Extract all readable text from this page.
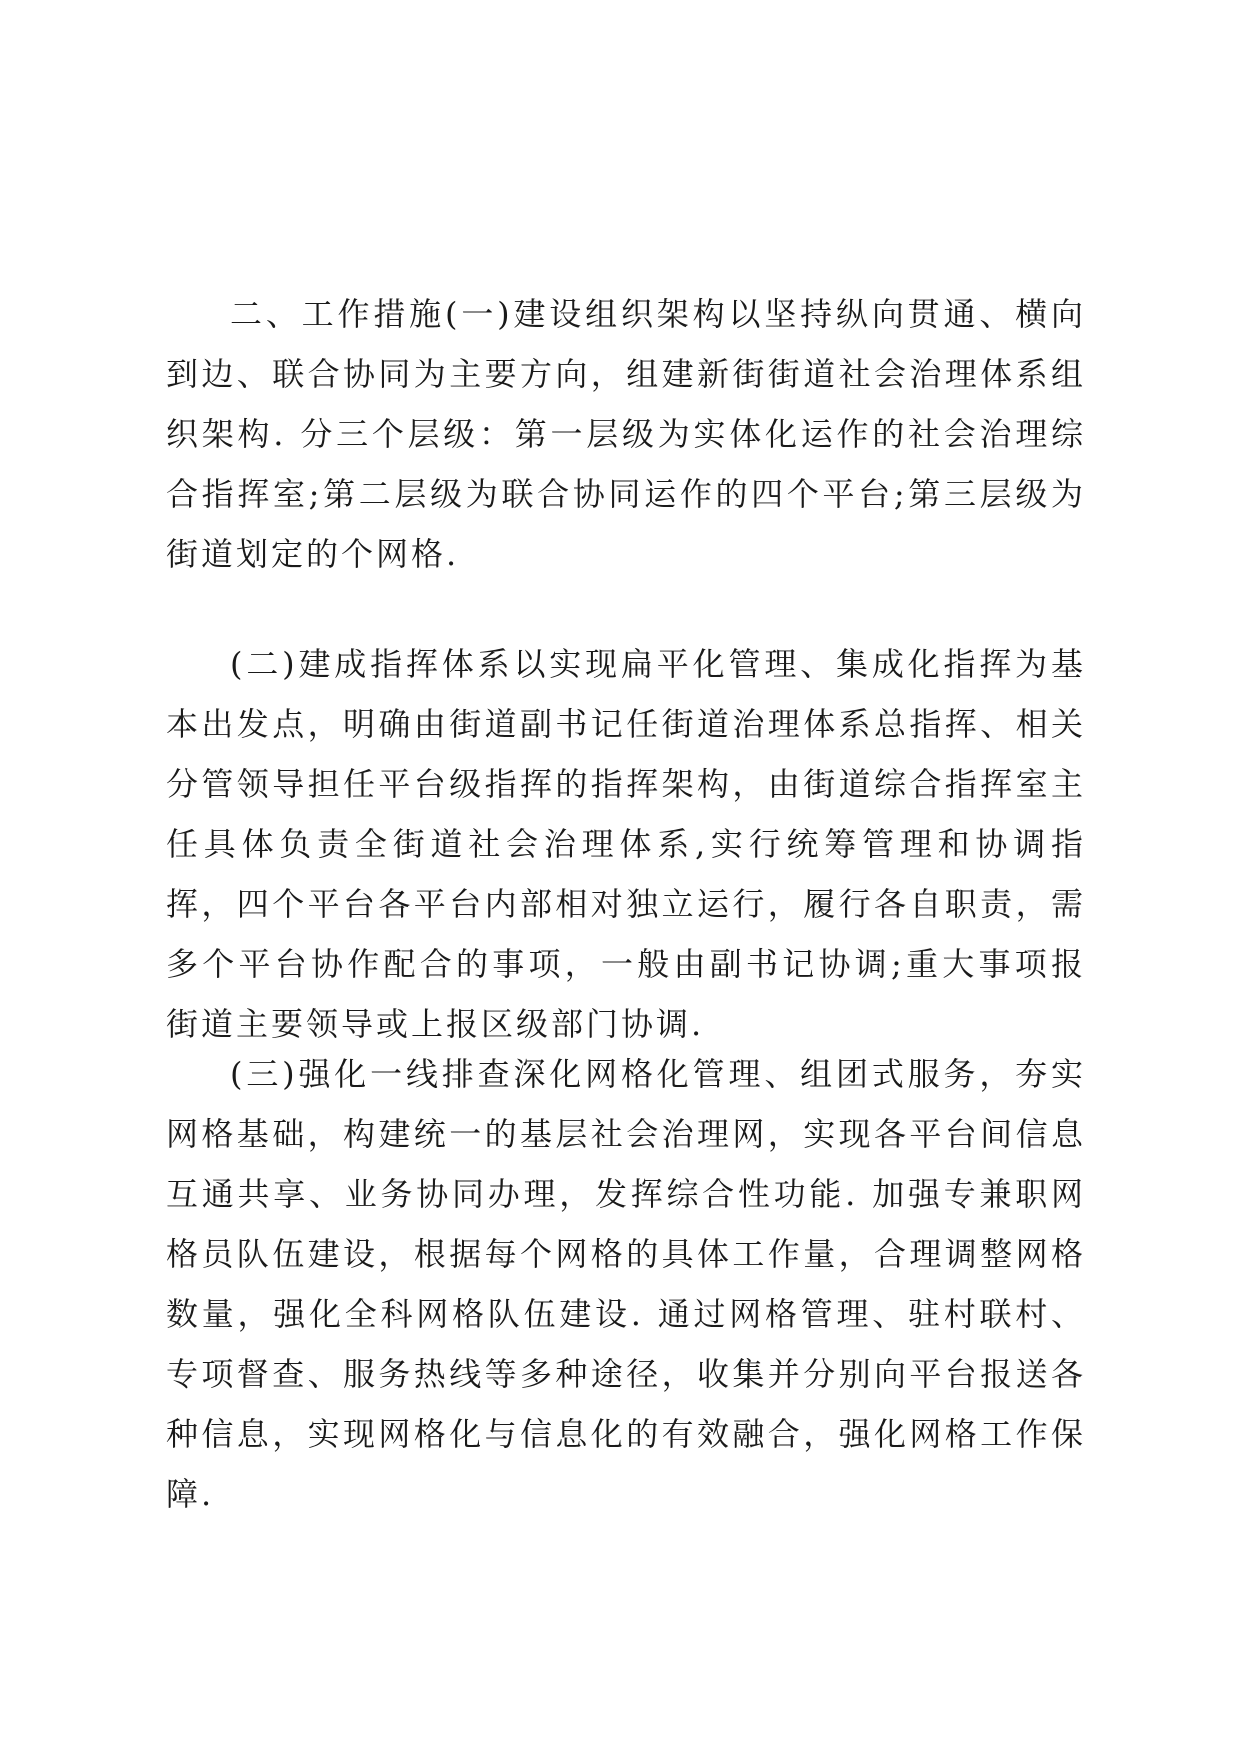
二、工作措施(一)建设组织架构以坚持纵向贯通、横向到边、联合协同为主要方向，组建新街街道社会治理体系组织架构. 分三个层级：第一层级为实体化运作的社会治理综合指挥室;第二层级为联合协同运作的四个平台;第三层级为街道划定的个网格.

(二)建成指挥体系以实现扁平化管理、集成化指挥为基本出发点，明确由街道副书记任街道治理体系总指挥、相关分管领导担任平台级指挥的指挥架构，由街道综合指挥室主任具体负责全街道社会治理体系,实行统筹管理和协调指挥，四个平台各平台内部相对独立运行，履行各自职责，需多个平台协作配合的事项，一般由副书记协调;重大事项报街道主要领导或上报区级部门协调.

(三)强化一线排查深化网格化管理、组团式服务，夯实网格基础，构建统一的基层社会治理网，实现各平台间信息互通共享、业务协同办理，发挥综合性功能. 加强专兼职网格员队伍建设，根据每个网格的具体工作量，合理调整网格数量，强化全科网格队伍建设. 通过网格管理、驻村联村、专项督查、服务热线等多种途径，收集并分别向平台报送各种信息，实现网格化与信息化的有效融合，强化网格工作保障.
